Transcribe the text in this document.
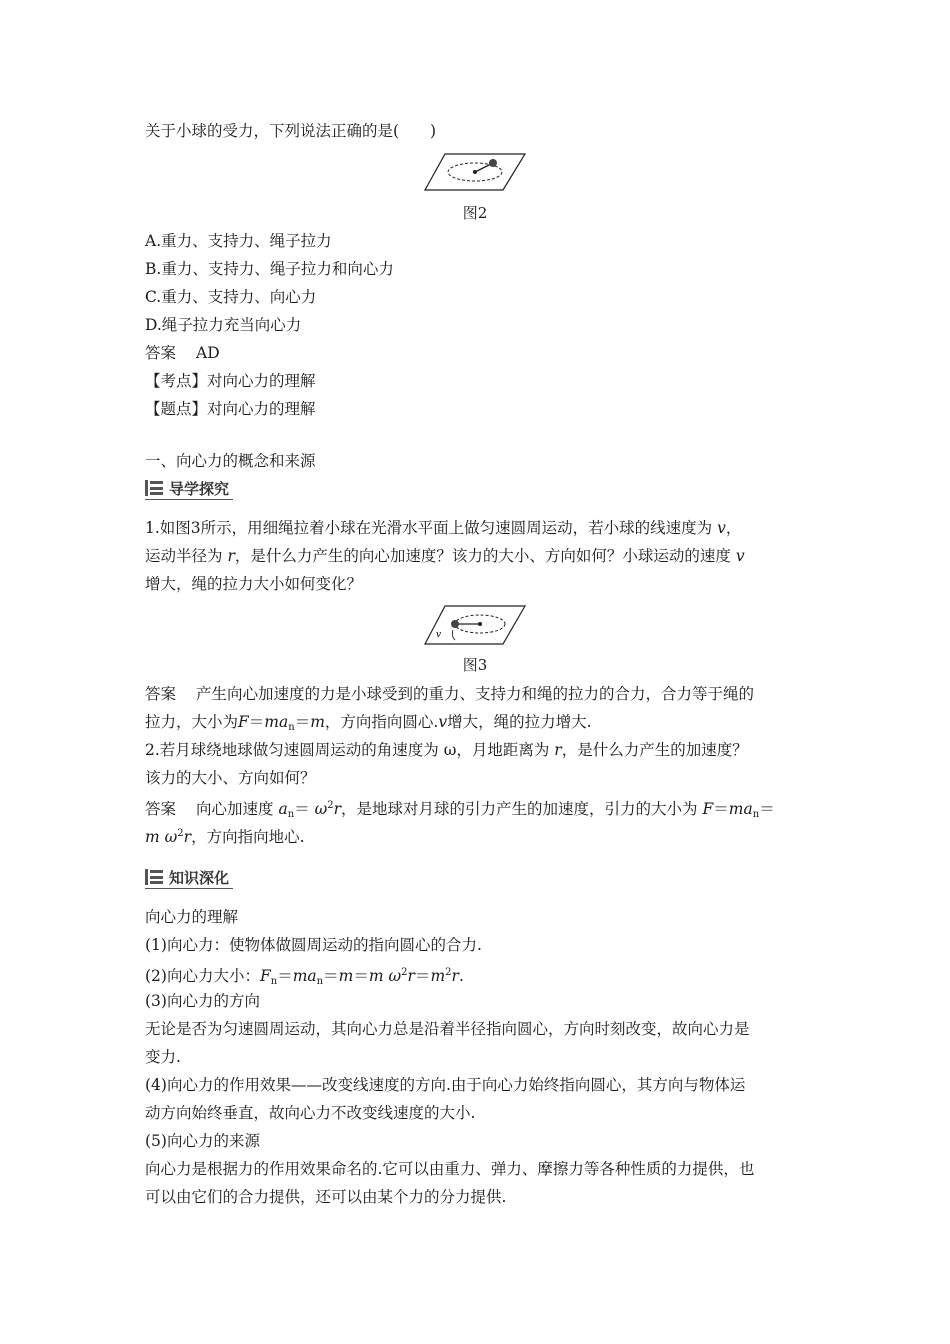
关于小球的受力，下列说法正确的是(　　)
图2
A.重力、支持力、绳子拉力
B.重力、支持力、绳子拉力和向心力
C.重力、支持力、向心力
D.绳子拉力充当向心力
答案 AD
【考点】对向心力的理解
【题点】对向心力的理解
一、向心力的概念和来源
导学探究
1.如图3所示，用细绳拉着小球在光滑水平面上做匀速圆周运动，若小球的线速度为 v，
运动半径为 r，是什么力产生的向心加速度？该力的大小、方向如何？小球运动的速度 v
增大，绳的拉力大小如何变化？
v
图3
答案 产生向心加速度的力是小球受到的重力、支持力和绳的拉力的合力，合力等于绳的
拉力，大小为$F=ma_n=m$，方向指向圆心.v增大，绳的拉力增大.
2.若月球绕地球做匀速圆周运动的角速度为 ω，月地距离为 r，是什么力产生的加速度？
该力的大小、方向如何？
答案 向心加速度 $a_n= \omega^2r$，是地球对月球的引力产生的加速度，引力的大小为 $F=ma_n=$
m $\omega^2r$，方向指向地心.
知识深化
向心力的理解
(1)向心力：使物体做圆周运动的指向圆心的合力.
(2)向心力大小：$F_n=ma_n=m=m$ $\omega^2r=m^2r$.
(3)向心力的方向
无论是否为匀速圆周运动，其向心力总是沿着半径指向圆心，方向时刻改变，故向心力是
变力.
(4)向心力的作用效果——改变线速度的方向.由于向心力始终指向圆心，其方向与物体运
动方向始终垂直，故向心力不改变线速度的大小.
(5)向心力的来源
向心力是根据力的作用效果命名的.它可以由重力、弹力、摩擦力等各种性质的力提供，也
可以由它们的合力提供，还可以由某个力的分力提供.
